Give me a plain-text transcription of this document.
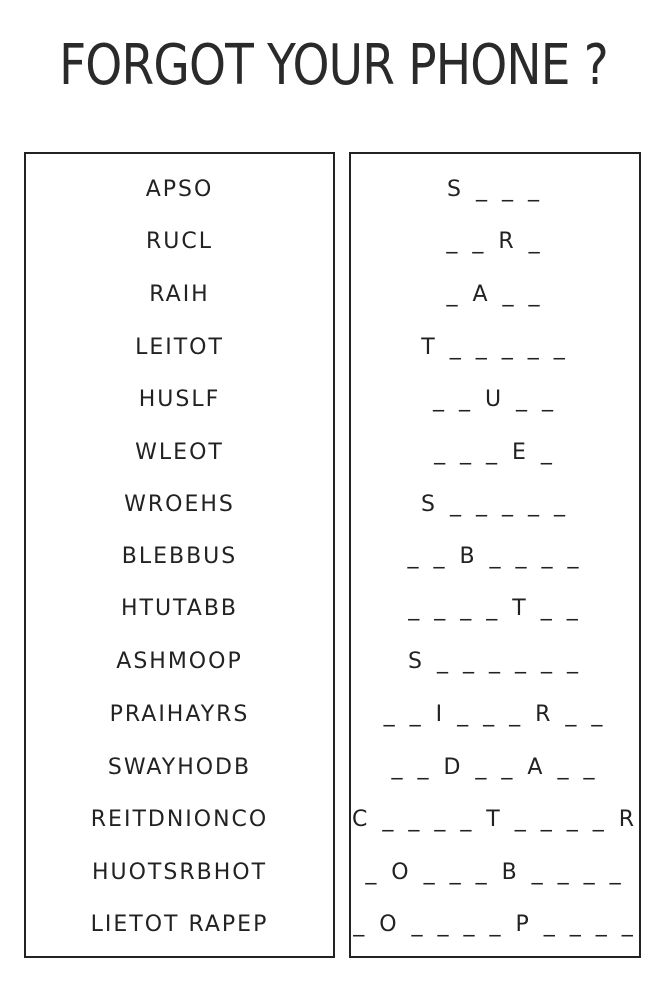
FORGOT YOUR PHONE ?
APSO
RUCL
RAIH
LEITOT
HUSLF
WLEOT
WROEHS
BLEBBUS
HTUTABB
ASHMOOP
PRAIHAYRS
SWAYHODB
REITDNIONCO
HUOTSRBHOT
LIETOT RAPEP
S _ _ _
_ _ R _
_ A _ _
T _ _ _ _ _
_ _ U _ _
_ _ _ E _
S _ _ _ _ _
_ _ B _ _ _ _
_ _ _ _ T _ _
S _ _ _ _ _ _
_ _ I _ _ _ R _ _
_ _ D _ _ A _ _
C _ _ _ _ T _ _ _ _ R
_ O _ _ _ B _ _ _ _
_ O _ _ _ _ P _ _ _ _
